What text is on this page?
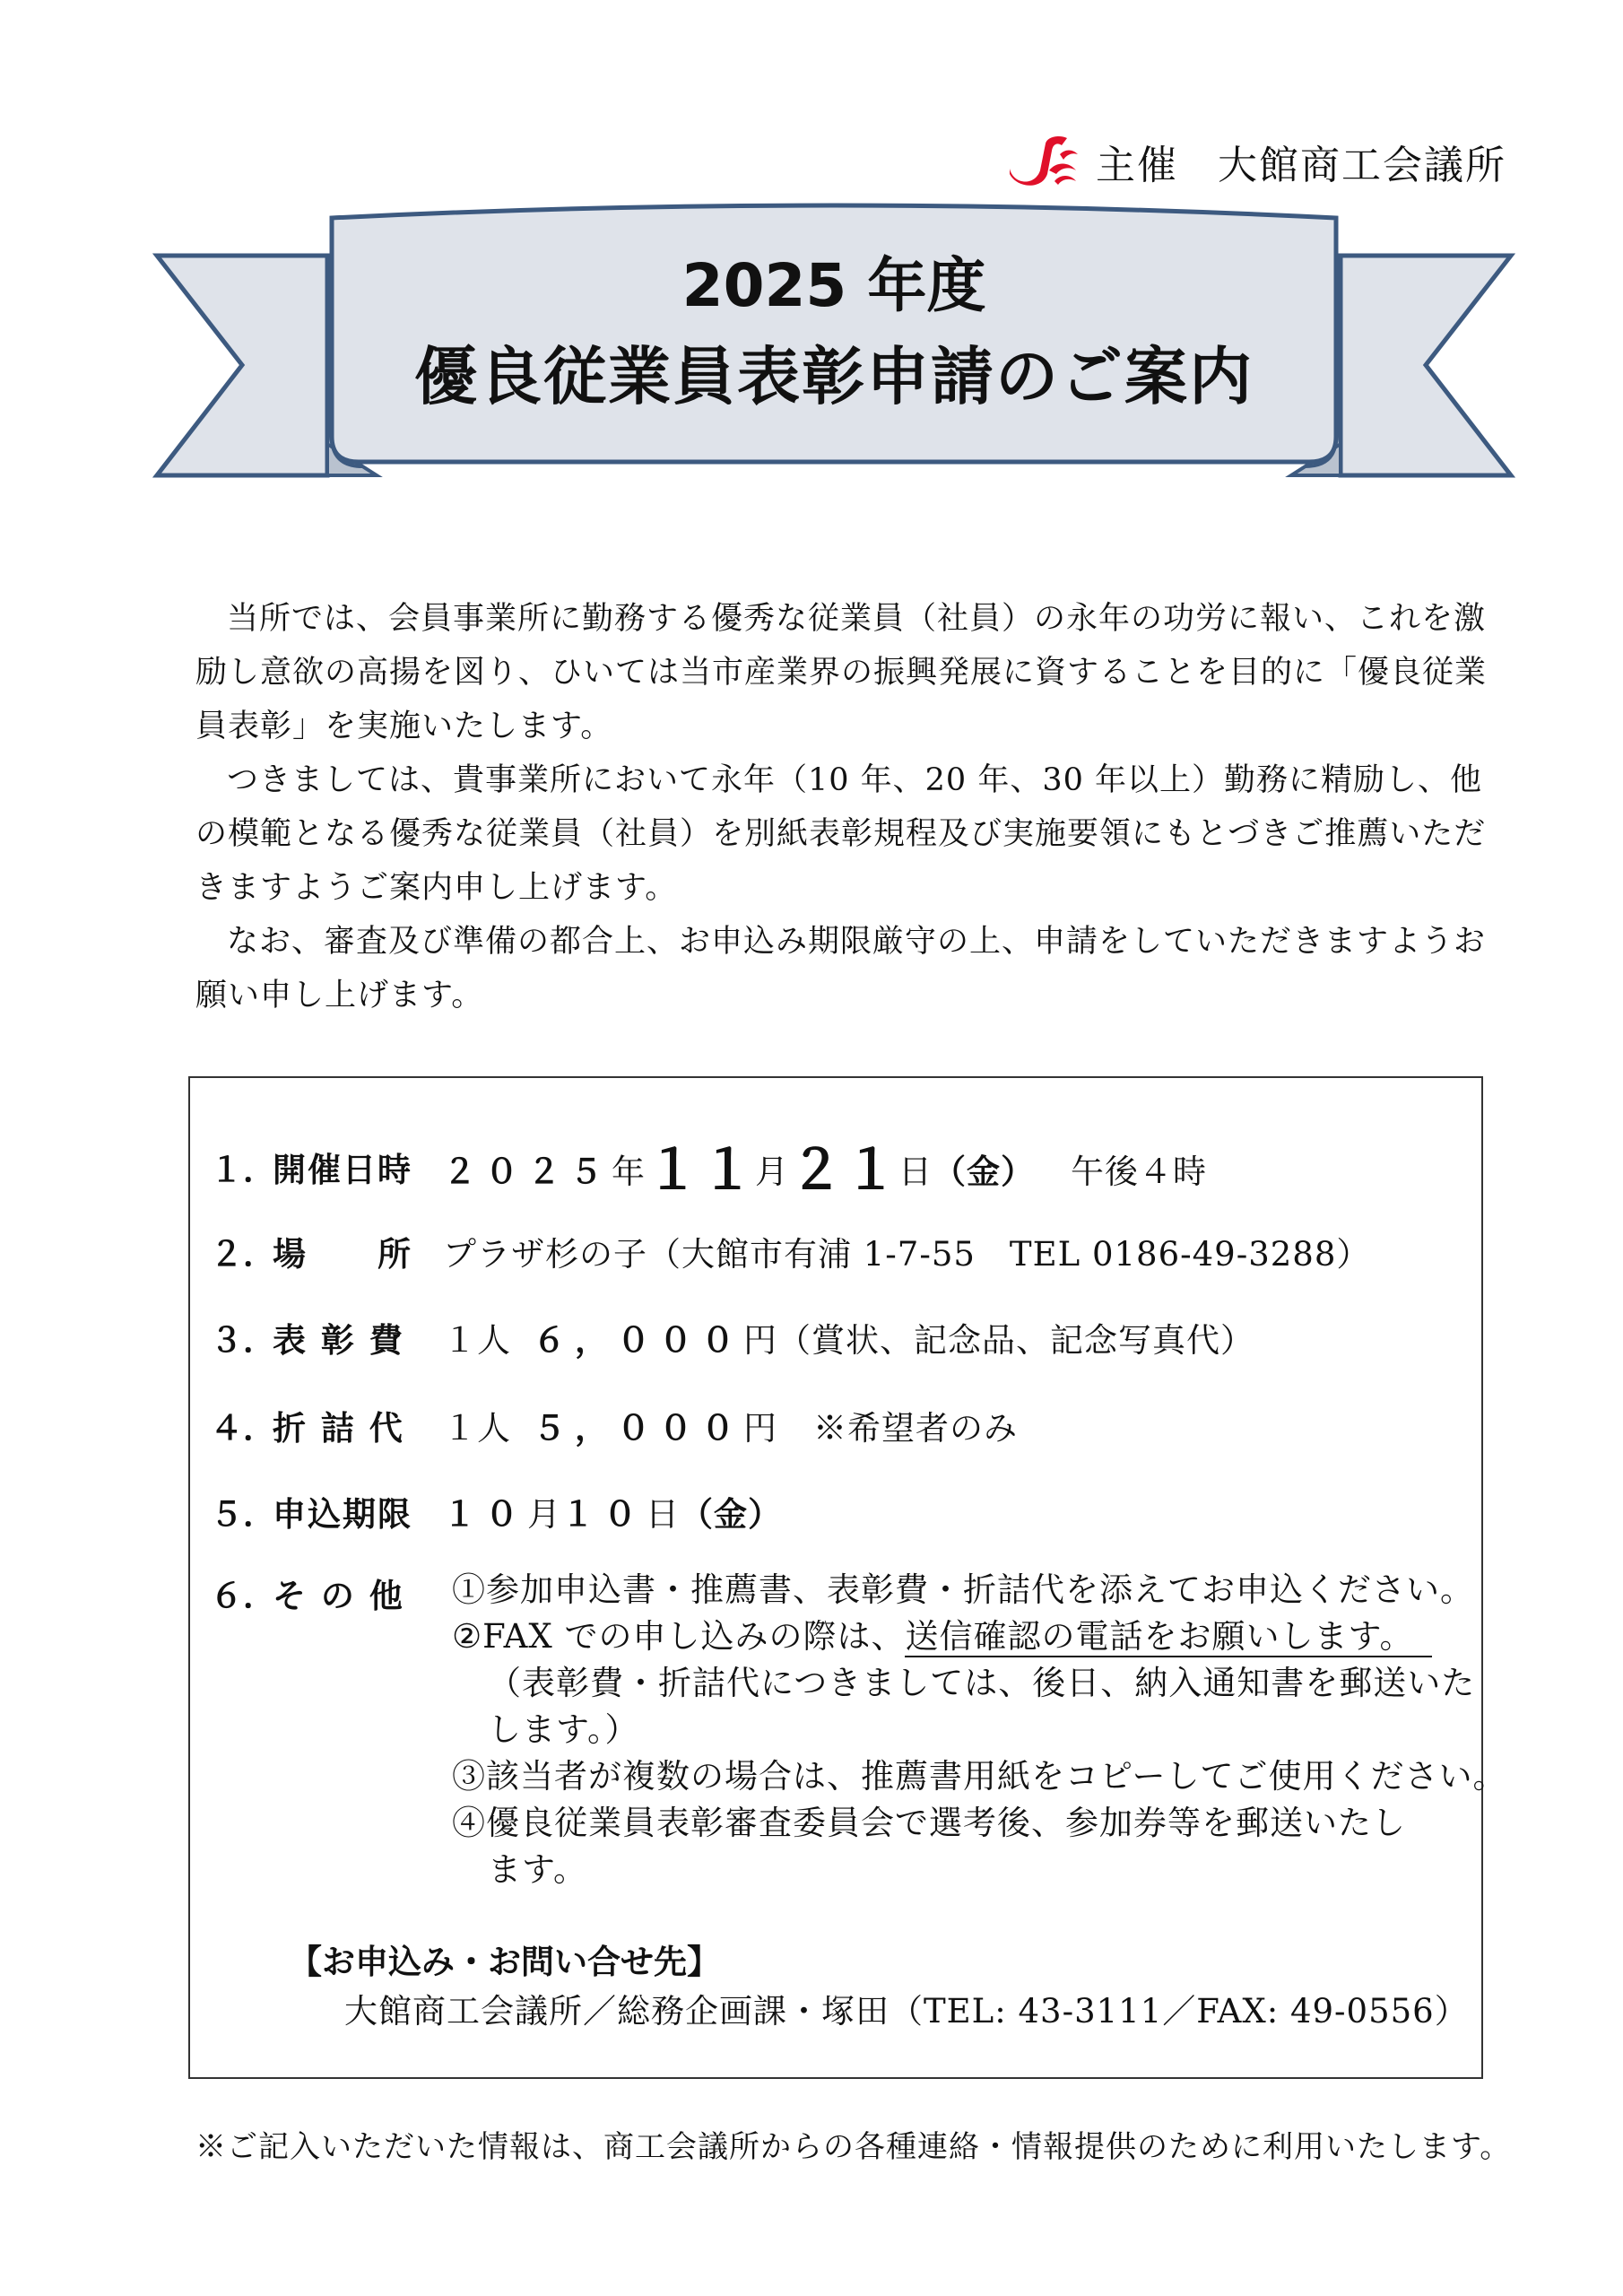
主催 大館商工会議所
2025 年度
優良従業員表彰申請のご案内

当所では、会員事業所に勤務する優秀な従業員（社員）の永年の功労に報い、これを激励し意欲の高揚を図り、ひいては当市産業界の振興発展に資することを目的に「優良従業員表彰」を実施いたします。

つきましては、貴事業所において永年（10 年、20 年、30 年以上）勤務に精励し、他の模範となる優秀な従業員（社員）を別紙表彰規程及び実施要領にもとづきご推薦いただきますようご案内申し上げます。

なお、審査及び準備の都合上、お申込み期限厳守の上、申請をしていただきますようお願い申し上げます。

１．
開催日時 ２０２５年１１月２１日（金） 午後４時
２．
場　　所 プラザ杉の子（大館市有浦 1-7-55　TEL 0186-49-3288）
３．
表 彰 費	１人 ６，０００円（賞状、記念品、記念写真代）
４．
折 詰 代	１人 ５，０００円 ※希望者のみ
５．
申込期限 １０月１０日（金）
６．
そ の 他	①参加申込書・推薦書、表彰費・折詰代を添えてお申込ください。
②FAX での申し込みの際は、送信確認の電話をお願いします。
（表彰費・折詰代につきましては、後日、納入通知書を郵送いた
します。）
③該当者が複数の場合は、推薦書用紙をコピーしてご使用ください。
④優良従業員表彰審査委員会で選考後、参加券等を郵送いたし
ます。
【お申込み・お問い合せ先】
大館商工会議所／総務企画課・塚田（TEL: 43-3111／FAX: 49-0556）
※ご記入いただいた情報は、商工会議所からの各種連絡・情報提供のために利用いたします。
